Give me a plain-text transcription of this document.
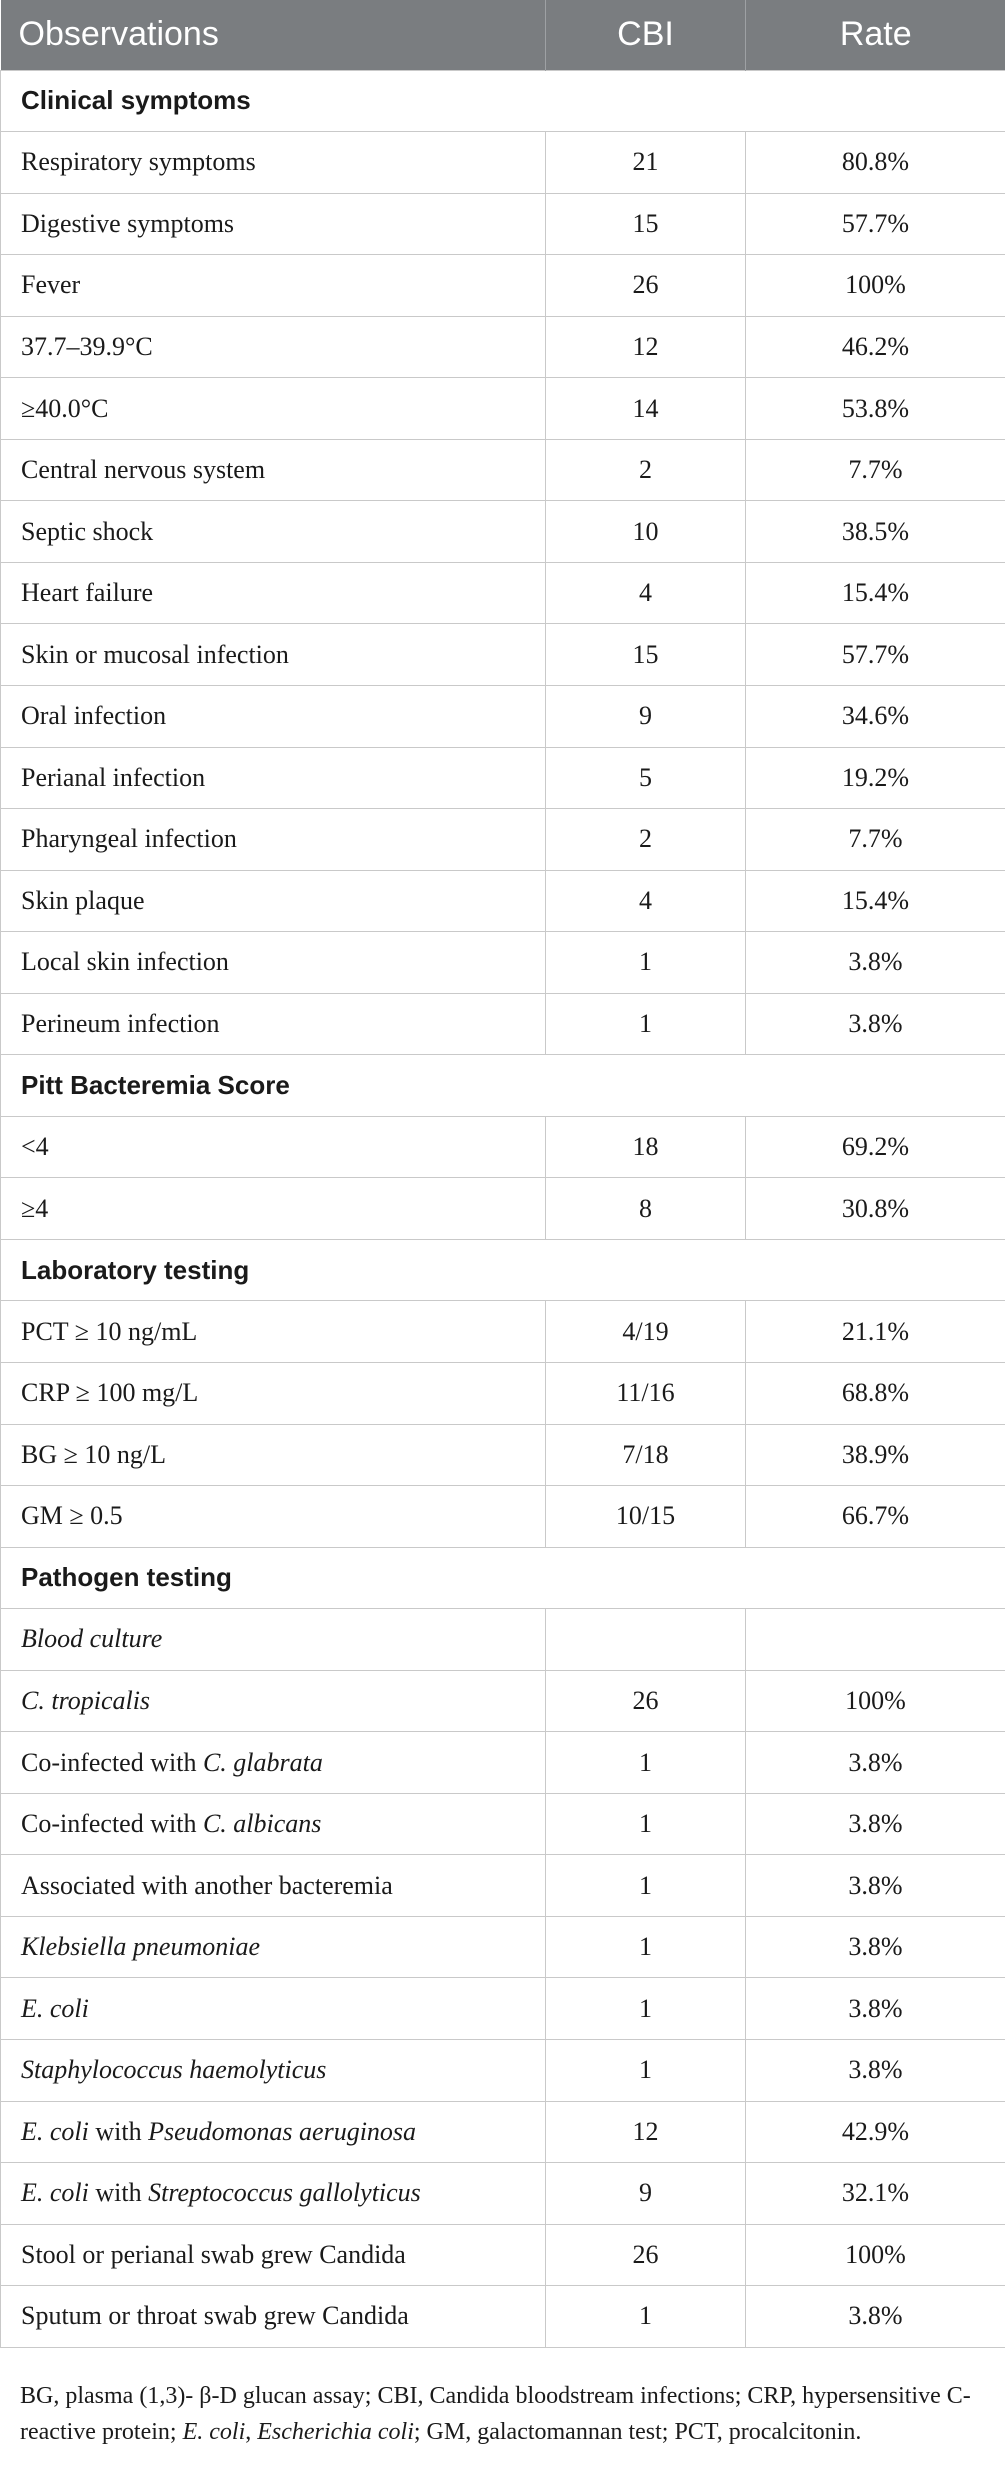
Observations	CBI	Rate
Clinical symptoms		
Respiratory symptoms	21	80.8%
Digestive symptoms	15	57.7%
Fever	26	100%
37.7–39.9°C	12	46.2%
≥40.0°C	14	53.8%
Central nervous system	2	7.7%
Septic shock	10	38.5%
Heart failure	4	15.4%
Skin or mucosal infection	15	57.7%
Oral infection	9	34.6%
Perianal infection	5	19.2%
Pharyngeal infection	2	7.7%
Skin plaque	4	15.4%
Local skin infection	1	3.8%
Perineum infection	1	3.8%
Pitt Bacteremia Score		
<4	18	69.2%
≥4	8	30.8%
Laboratory testing		
PCT ≥ 10 ng/mL	4/19	21.1%
CRP ≥ 100 mg/L	11/16	68.8%
BG ≥ 10 ng/L	7/18	38.9%
GM ≥ 0.5	10/15	66.7%
Pathogen testing		
Blood culture		
C. tropicalis	26	100%
Co-infected with C. glabrata	1	3.8%
Co-infected with C. albicans	1	3.8%
Associated with another bacteremia	1	3.8%
Klebsiella pneumoniae	1	3.8%
E. coli	1	3.8%
Staphylococcus haemolyticus	1	3.8%
E. coli with Pseudomonas aeruginosa	12	42.9%
E. coli with Streptococcus gallolyticus	9	32.1%
Stool or perianal swab grew Candida	26	100%
Sputum or throat swab grew Candida	1	3.8%
BG, plasma (1,3)- β-D glucan assay; CBI, Candida bloodstream infections; CRP, hypersensitive C-reactive protein; E. coli, Escherichia coli; GM, galactomannan test; PCT, procalcitonin.
